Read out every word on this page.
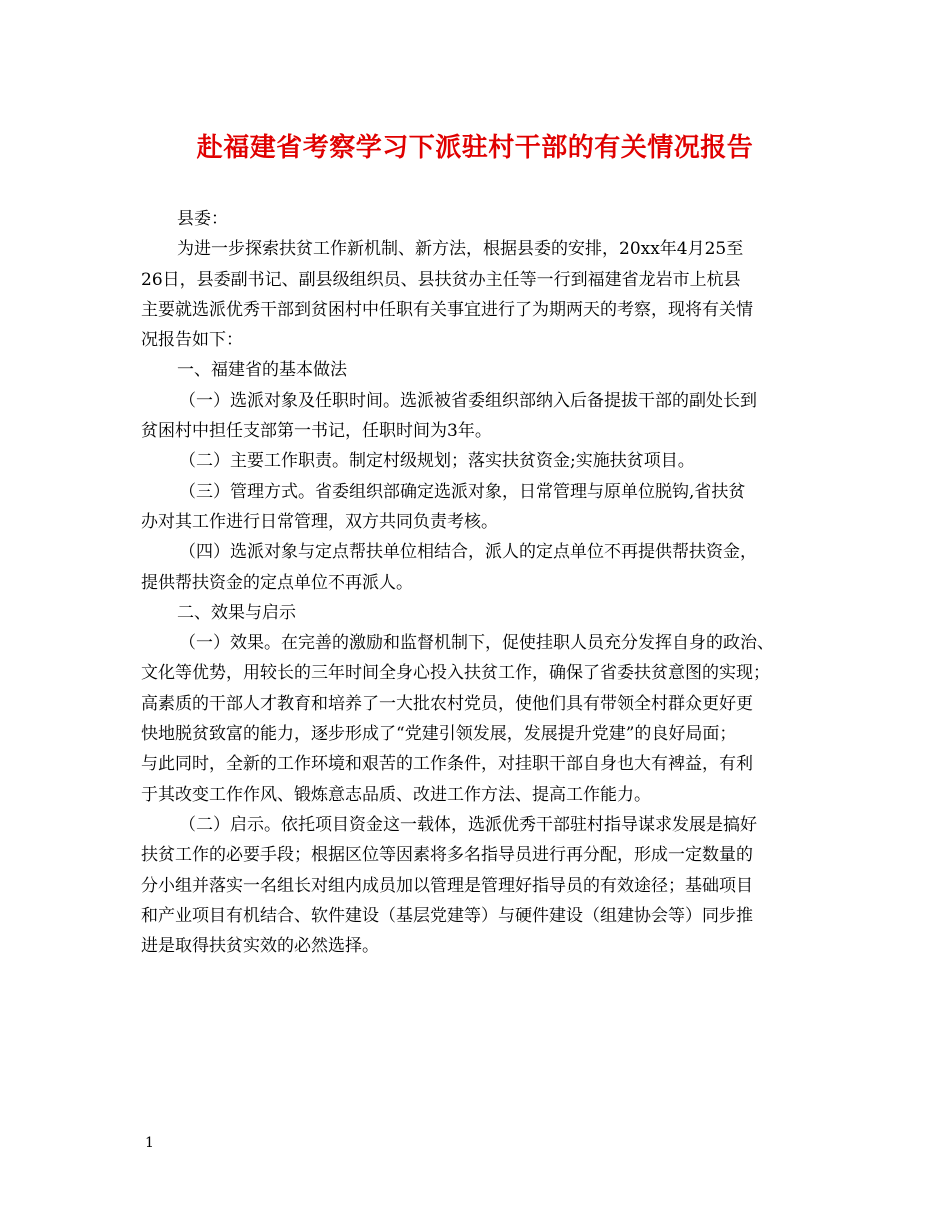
赴福建省考察学习下派驻村干部的有关情况报告
县委：
为进一步探索扶贫工作新机制、新方法，根据县委的安排，20xx年4月25至
26日，县委副书记、副县级组织员、县扶贫办主任等一行到福建省龙岩市上杭县
主要就选派优秀干部到贫困村中任职有关事宜进行了为期两天的考察，现将有关情
况报告如下：
一、福建省的基本做法
（一）选派对象及任职时间。选派被省委组织部纳入后备提拔干部的副处长到
贫困村中担任支部第一书记，任职时间为3年。
（二）主要工作职责。制定村级规划；落实扶贫资金;实施扶贫项目。
（三）管理方式。省委组织部确定选派对象，日常管理与原单位脱钩,省扶贫
办对其工作进行日常管理，双方共同负责考核。
（四）选派对象与定点帮扶单位相结合，派人的定点单位不再提供帮扶资金，
提供帮扶资金的定点单位不再派人。
二、效果与启示
（一）效果。在完善的激励和监督机制下，促使挂职人员充分发挥自身的政治、
文化等优势，用较长的三年时间全身心投入扶贫工作，确保了省委扶贫意图的实现；
高素质的干部人才教育和培养了一大批农村党员，使他们具有带领全村群众更好更
快地脱贫致富的能力，逐步形成了“党建引领发展，发展提升党建”的良好局面；
与此同时，全新的工作环境和艰苦的工作条件，对挂职干部自身也大有裨益，有利
于其改变工作作风、锻炼意志品质、改进工作方法、提高工作能力。
（二）启示。依托项目资金这一载体，选派优秀干部驻村指导谋求发展是搞好
扶贫工作的必要手段；根据区位等因素将多名指导员进行再分配，形成一定数量的
分小组并落实一名组长对组内成员加以管理是管理好指导员的有效途径；基础项目
和产业项目有机结合、软件建设（基层党建等）与硬件建设（组建协会等）同步推
进是取得扶贫实效的必然选择。
1
